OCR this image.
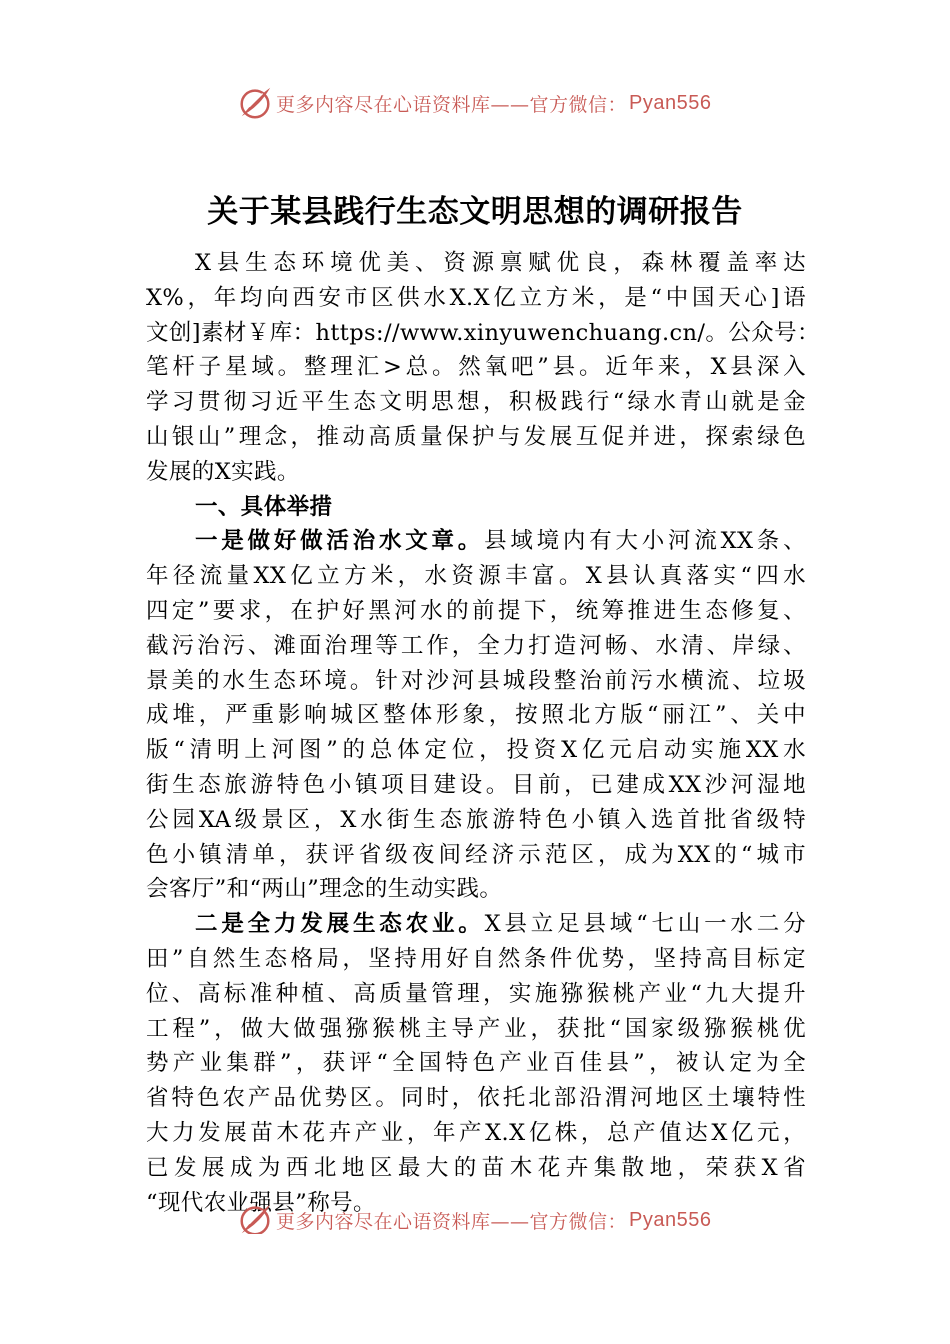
更多内容尽在心语资料库——官方微信： Pyan556
关于某县践行生态文明思想的调研报告
X县生态环境优美、资源禀赋优良，森林覆盖率达
X%，年均向西安市区供水X.X亿立方米，是“中国天心]语
文创]素材￥库：https://www.xinyuwenchuang.cn/。公众号：
笔杆子星域。整理汇>总。然氧吧”县。近年来，X县深入
学习贯彻习近平生态文明思想，积极践行“绿水青山就是金
山银山”理念，推动高质量保护与发展互促并进，探索绿色
发展的X实践。
一、具体举措
一是做好做活治水文章。县域境内有大小河流XX条、
年径流量XX亿立方米，水资源丰富。X县认真落实“四水
四定”要求，在护好黑河水的前提下，统筹推进生态修复、
截污治污、滩面治理等工作，全力打造河畅、水清、岸绿、
景美的水生态环境。针对沙河县城段整治前污水横流、垃圾
成堆，严重影响城区整体形象，按照北方版“丽江”、关中
版“清明上河图”的总体定位，投资X亿元启动实施XX水
街生态旅游特色小镇项目建设。目前，已建成XX沙河湿地
公园XA级景区，X水街生态旅游特色小镇入选首批省级特
色小镇清单，获评省级夜间经济示范区，成为XX的“城市
会客厅”和“两山”理念的生动实践。
二是全力发展生态农业。X县立足县域“七山一水二分
田”自然生态格局，坚持用好自然条件优势，坚持高目标定
位、高标准种植、高质量管理，实施猕猴桃产业“九大提升
工程”，做大做强猕猴桃主导产业，获批“国家级猕猴桃优
势产业集群”，获评“全国特色产业百佳县”，被认定为全
省特色农产品优势区。同时，依托北部沿渭河地区土壤特性
大力发展苗木花卉产业，年产X.X亿株，总产值达X亿元，
已发展成为西北地区最大的苗木花卉集散地，荣获X省
“现代农业强县”称号。
更多内容尽在心语资料库——官方微信： Pyan556
